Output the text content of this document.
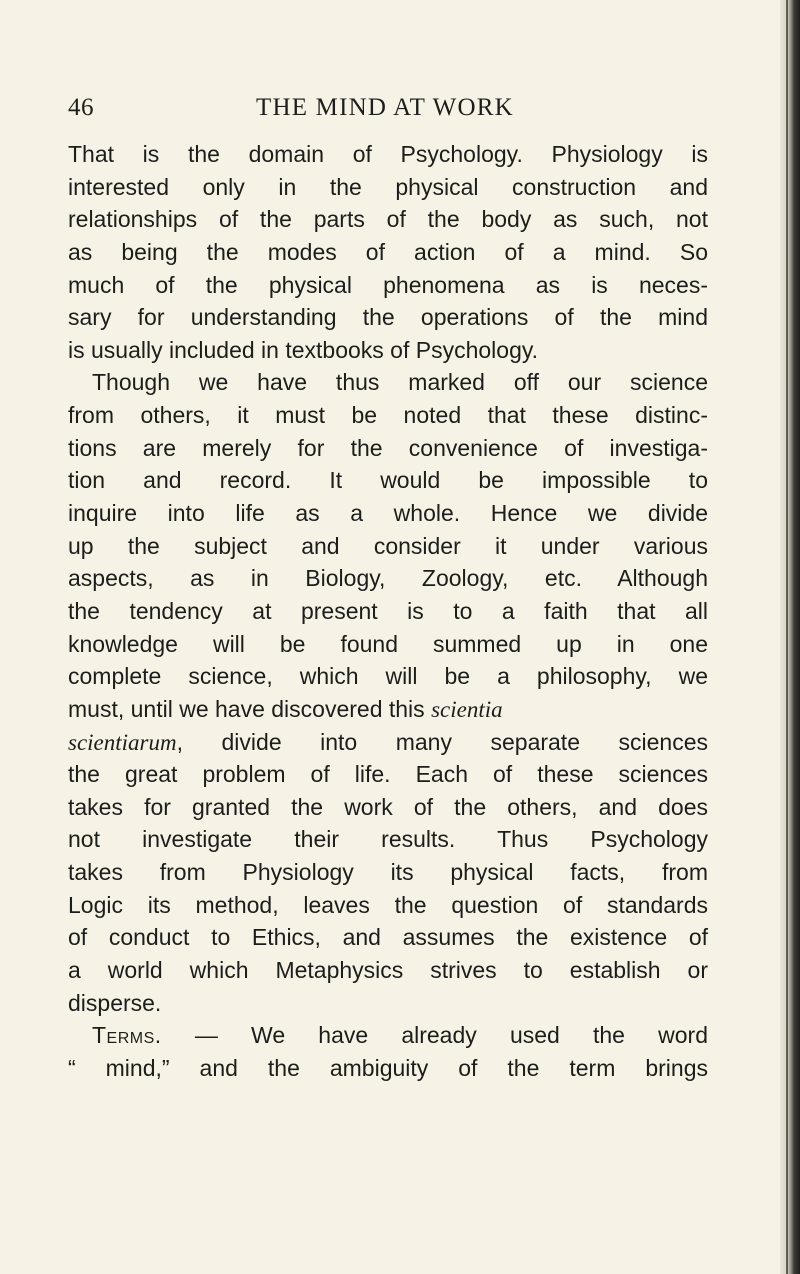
46	THE MIND AT WORK
That is the domain of Psychology. Physiology is
interested only in the physical construction and
relationships of the parts of the body as such, not
as being the modes of action of a mind. So
much of the physical phenomena as is neces-
sary for understanding the operations of the mind
is usually included in textbooks of Psychology.
Though we have thus marked off our science
from others, it must be noted that these distinc-
tions are merely for the convenience of investiga-
tion and record. It would be impossible to
inquire into life as a whole. Hence we divide
up the subject and consider it under various
aspects, as in Biology, Zoology, etc. Although
the tendency at present is to a faith that all
knowledge will be found summed up in one
complete science, which will be a philosophy, we
must, until we have discovered this scientia
scientiarum, divide into many separate sciences
the great problem of life. Each of these sciences
takes for granted the work of the others, and does
not investigate their results. Thus Psychology
takes from Physiology its physical facts, from
Logic its method, leaves the question of standards
of conduct to Ethics, and assumes the existence of
a world which Metaphysics strives to establish or
disperse.
Terms. — We have already used the word
“ mind,” and the ambiguity of the term brings
